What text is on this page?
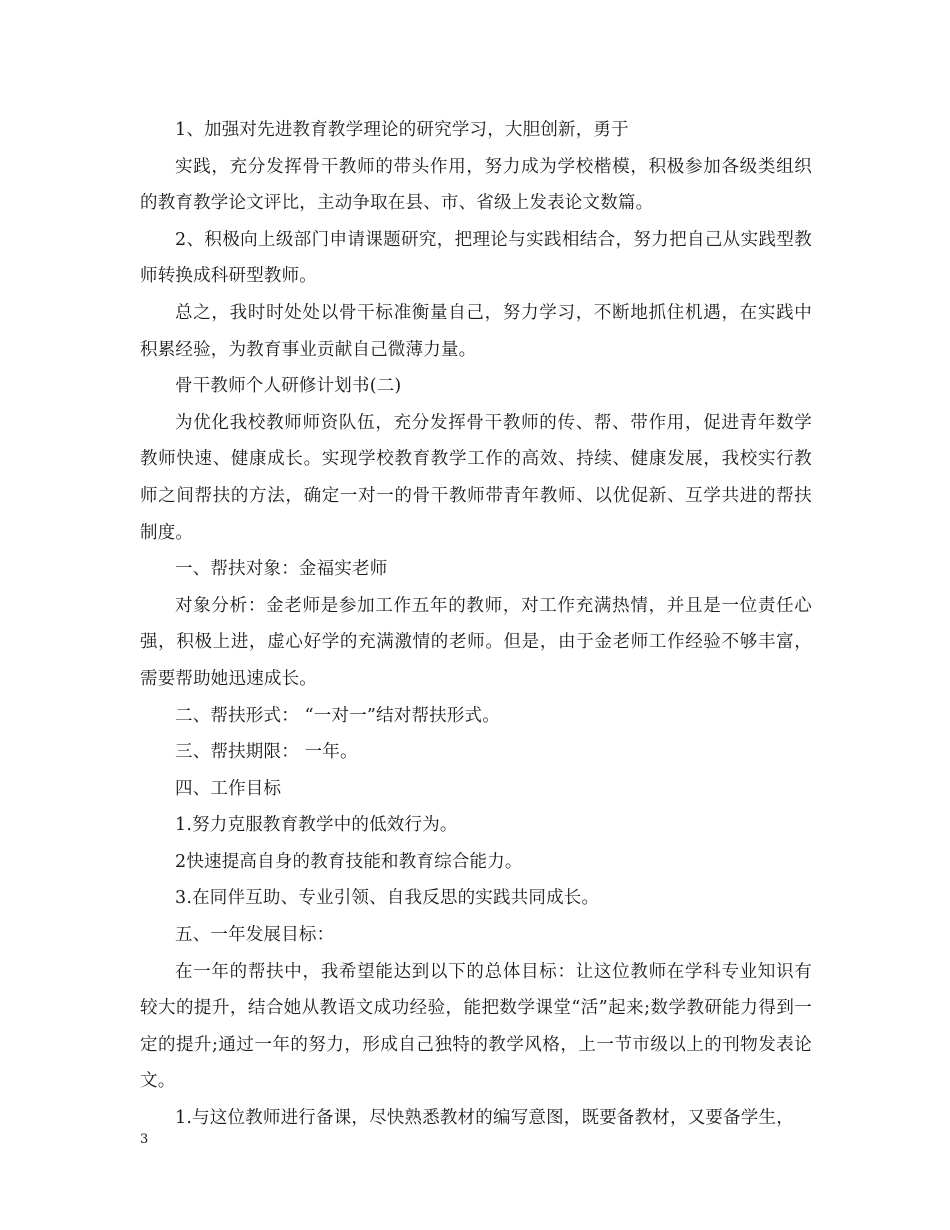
1、加强对先进教育教学理论的研究学习，大胆创新，勇于

实践，充分发挥骨干教师的带头作用，努力成为学校楷模，积极参加各级类组织的教育教学论文评比，主动争取在县、市、省级上发表论文数篇。

2、积极向上级部门申请课题研究，把理论与实践相结合，努力把自己从实践型教师转换成科研型教师。

总之，我时时处处以骨干标准衡量自己，努力学习，不断地抓住机遇，在实践中积累经验，为教育事业贡献自己微薄力量。

骨干教师个人研修计划书(二)

为优化我校教师师资队伍，充分发挥骨干教师的传、帮、带作用，促进青年数学教师快速、健康成长。实现学校教育教学工作的高效、持续、健康发展，我校实行教师之间帮扶的方法，确定一对一的骨干教师带青年教师、以优促新、互学共进的帮扶制度。

一、帮扶对象：金福实老师

对象分析：金老师是参加工作五年的教师，对工作充满热情，并且是一位责任心强，积极上进，虚心好学的充满激情的老师。但是，由于金老师工作经验不够丰富，需要帮助她迅速成长。

二、帮扶形式： “一对一”结对帮扶形式。

三、帮扶期限： 一年。

四、工作目标

1.努力克服教育教学中的低效行为。

2快速提高自身的教育技能和教育综合能力。

3.在同伴互助、专业引领、自我反思的实践共同成长。

五、一年发展目标：

在一年的帮扶中，我希望能达到以下的总体目标：让这位教师在学科专业知识有较大的提升，结合她从教语文成功经验，能把数学课堂“活”起来;数学教研能力得到一定的提升;通过一年的努力，形成自己独特的教学风格，上一节市级以上的刊物发表论文。

1.与这位教师进行备课，尽快熟悉教材的编写意图，既要备教材，又要备学生，

3
